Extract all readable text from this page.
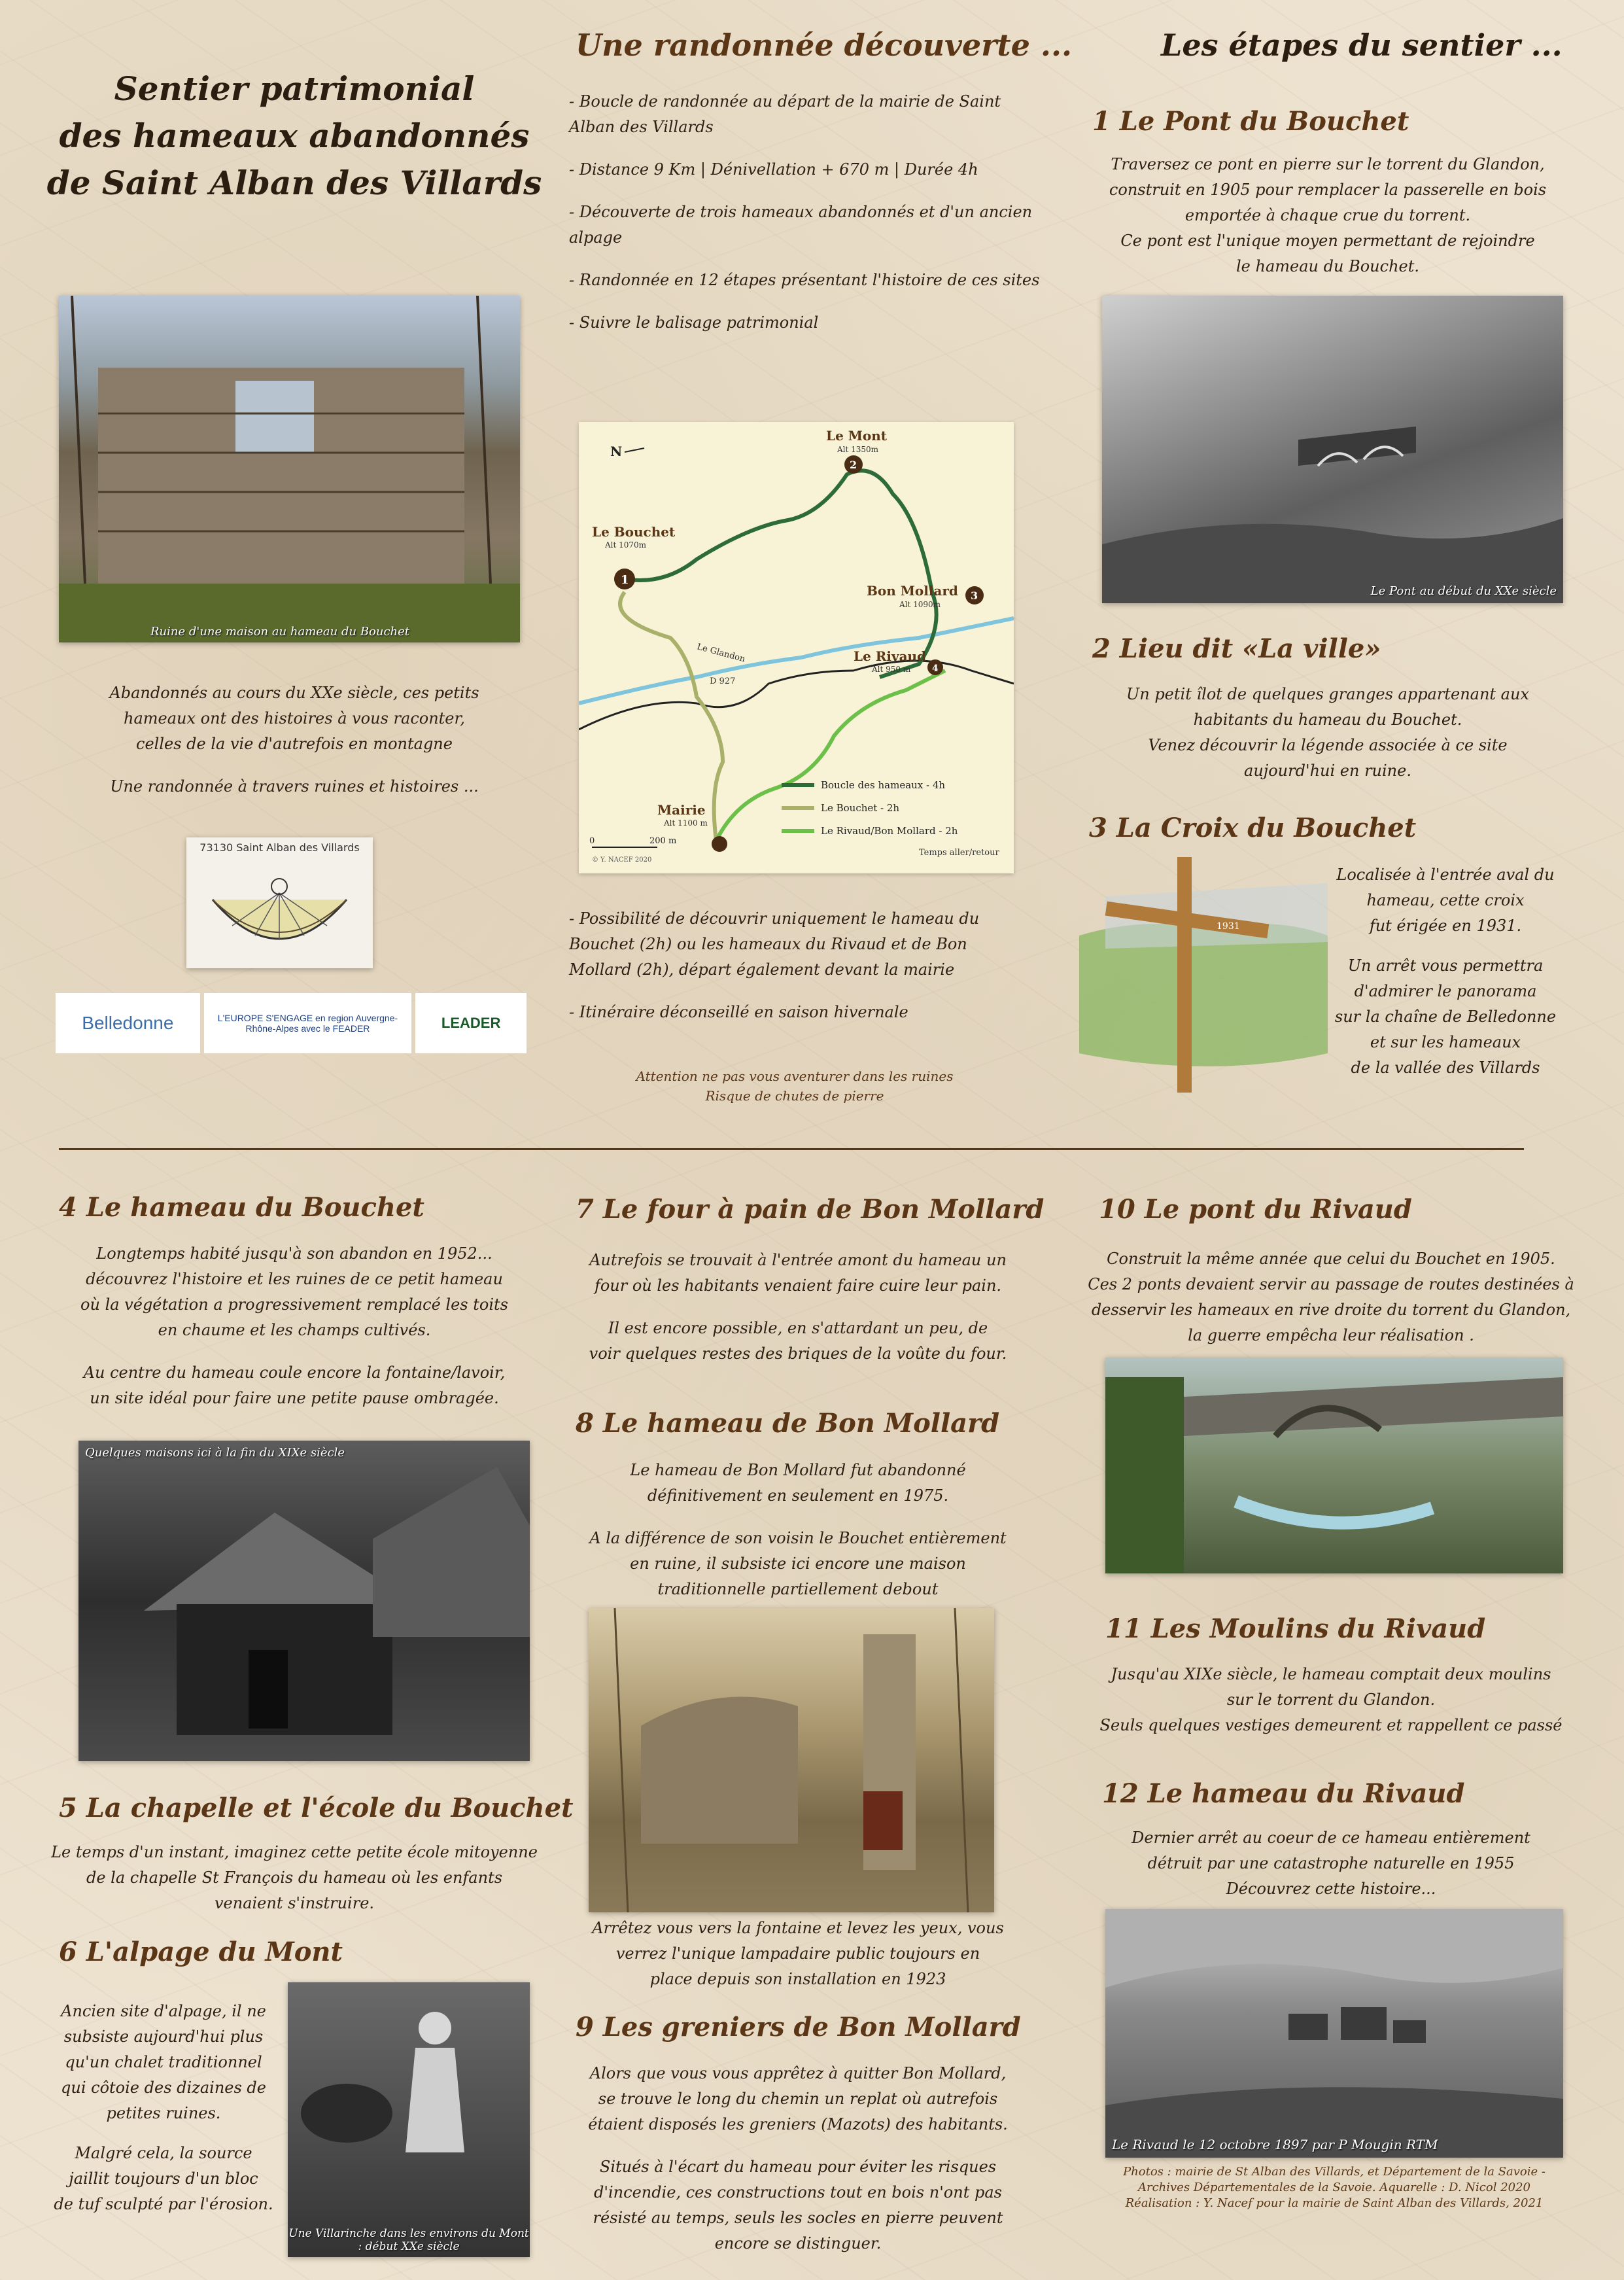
Sentier patrimonial
des hameaux abandonnés
de Saint Alban des Villards
Ruine d'une maison au hameau du Bouchet
Abandonnés au cours du XXe siècle, ces petits
hameaux ont des histoires à vous raconter,
celles de la vie d'autrefois en montagne
Une randonnée à travers ruines et histoires ...
73130 Saint Alban des Villards
Belledonne	L'EUROPE S'ENGAGE en region Auvergne-Rhône-Alpes avec le FEADER	LEADER
Une randonnée découverte ...
- Boucle de randonnée au départ de la mairie de Saint Alban des Villards
- Distance 9 Km | Dénivellation + 670 m | Durée 4h
- Découverte de trois hameaux abandonnés et d'un ancien alpage
- Randonnée en 12 étapes présentant l'histoire de ces sites
- Suivre le balisage patrimonial
1
2
3
4
N
Le Mont
Alt 1350m
Le Bouchet
Alt 1070m
Bon Mollard
Alt 1090m
Le Rivaud
Alt 950 m
Mairie
Alt 1100 m
Le Glandon
D 927
Boucle des hameaux - 4h
Le Bouchet - 2h
Le Rivaud/Bon Mollard - 2h
Temps aller/retour
0	200 m
© Y. NACEF 2020
- Possibilité de découvrir uniquement le hameau du Bouchet (2h) ou les hameaux du Rivaud et de Bon Mollard (2h), départ également devant la mairie
- Itinéraire déconseillé en saison hivernale
Attention ne pas vous aventurer dans les ruines
Risque de chutes de pierre
Les étapes du sentier ...
1 Le Pont du Bouchet
Traversez ce pont en pierre sur le torrent du Glandon,
construit en 1905 pour remplacer la passerelle en bois
emportée à chaque crue du torrent.
Ce pont est l'unique moyen permettant de rejoindre
le hameau du Bouchet.
Le Pont au début du XXe siècle
2 Lieu dit «La ville»
Un petit îlot de quelques granges appartenant aux
habitants du hameau du Bouchet.
Venez découvrir la légende associée à ce site
aujourd'hui en ruine.
3 La Croix du Bouchet
1931
Localisée à l'entrée aval du
hameau, cette croix
fut érigée en 1931.
Un arrêt vous permettra
d'admirer le panorama
sur la chaîne de Belledonne
et sur les hameaux
de la vallée des Villards
4 Le hameau du Bouchet
Longtemps habité jusqu'à son abandon en 1952...
découvrez l'histoire et les ruines de ce petit hameau
où la végétation a progressivement remplacé les toits
en chaume et les champs cultivés.
Au centre du hameau coule encore la fontaine/lavoir,
un site idéal pour faire une petite pause ombragée.
Quelques maisons ici à la fin du XIXe siècle
5 La chapelle et l'école du Bouchet
Le temps d'un instant, imaginez cette petite école mitoyenne
de la chapelle St François du hameau où les enfants
venaient s'instruire.
6 L'alpage du Mont
Ancien site d'alpage, il ne
subsiste aujourd'hui plus
qu'un chalet traditionnel
qui côtoie des dizaines de
petites ruines.
Malgré cela, la source
jaillit toujours d'un bloc
de tuf sculpté par l'érosion.
Une Villarinche dans les environs du Mont : début XXe siècle
7 Le four à pain de Bon Mollard
Autrefois se trouvait à l'entrée amont du hameau un
four où les habitants venaient faire cuire leur pain.
Il est encore possible, en s'attardant un peu, de
voir quelques restes des briques de la voûte du four.
8 Le hameau de Bon Mollard
Le hameau de Bon Mollard fut abandonné
définitivement en seulement en 1975.
A la différence de son voisin le Bouchet entièrement
en ruine, il subsiste ici encore une maison
traditionnelle partiellement debout
Arrêtez vous vers la fontaine et levez les yeux, vous
verrez l'unique lampadaire public toujours en
place depuis son installation en 1923
9 Les greniers de Bon Mollard
Alors que vous vous apprêtez à quitter Bon Mollard,
se trouve le long du chemin un replat où autrefois
étaient disposés les greniers (Mazots) des habitants.
Situés à l'écart du hameau pour éviter les risques
d'incendie, ces constructions tout en bois n'ont pas
résisté au temps, seuls les socles en pierre peuvent
encore se distinguer.
10 Le pont du Rivaud
Construit la même année que celui du Bouchet en 1905.
Ces 2 ponts devaient servir au passage de routes destinées à
desservir les hameaux en rive droite du torrent du Glandon,
la guerre empêcha leur réalisation .
11 Les Moulins du Rivaud
Jusqu'au XIXe siècle, le hameau comptait deux moulins
sur le torrent du Glandon.
Seuls quelques vestiges demeurent et rappellent ce passé
12 Le hameau du Rivaud
Dernier arrêt au coeur de ce hameau entièrement
détruit par une catastrophe naturelle en 1955
Découvrez cette histoire...
Le Rivaud le 12 octobre 1897 par P Mougin RTM
Photos : mairie de St Alban des Villards, et Département de la Savoie -
Archives Départementales de la Savoie. Aquarelle : D. Nicol 2020
Réalisation : Y. Nacef pour la mairie de Saint Alban des Villards, 2021
